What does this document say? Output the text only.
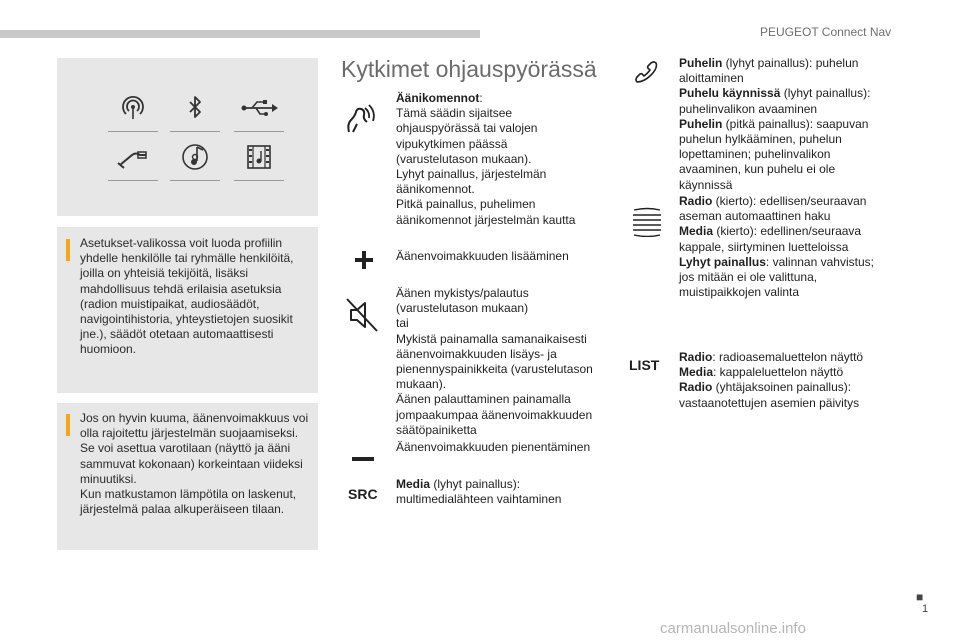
PEUGEOT Connect Nav
Asetukset-valikossa voit luoda profiilin yhdelle henkilölle tai ryhmälle henkilöitä, joilla on yhteisiä tekijöitä, lisäksi mahdollisuus tehdä erilaisia asetuksia (radion muistipaikat, audiosäädöt, navigointihistoria, yhteystietojen suosikit jne.), säädöt otetaan automaattisesti huomioon.
Jos on hyvin kuuma, äänenvoimakkuus voi olla rajoitettu järjestelmän suojaamiseksi. Se voi asettua varotilaan (näyttö ja ääni sammuvat kokonaan) korkeintaan viideksi minuutiksi.
Kun matkustamon lämpötila on laskenut, järjestelmä palaa alkuperäiseen tilaan.
Kytkimet ohjauspyörässä
Äänikomennot:
Tämä säädin sijaitsee ohjauspyörässä tai valojen vipukytkimen päässä (varustelutason mukaan).
Lyhyt painallus, järjestelmän äänikomennot.
Pitkä painallus, puhelimen äänikomennot järjestelmän kautta
Äänenvoimakkuuden lisääminen
Äänen mykistys/palautus (varustelutason mukaan)
tai
Mykistä painamalla samanaikaisesti äänenvoimakkuuden lisäys- ja pienennyspainikkeita (varustelutason mukaan).
Äänen palauttaminen painamalla jompaakumpaa äänenvoimakkuuden säätöpainiketta
Äänenvoimakkuuden pienentäminen
SRC
Media (lyhyt painallus): multimedialähteen vaihtaminen
Puhelin (lyhyt painallus): puhelun aloittaminen
Puhelu käynnissä (lyhyt painallus): puhelinvalikon avaaminen
Puhelin (pitkä painallus): saapuvan puhelun hylkääminen, puhelun lopettaminen; puhelinvalikon avaaminen, kun puhelu ei ole käynnissä
Radio (kierto): edellisen/seuraavan aseman automaattinen haku
Media (kierto): edellinen/seuraava kappale, siirtyminen luetteloissa
Lyhyt painallus: valinnan vahvistus; jos mitään ei ole valittuna, muistipaikkojen valinta
LIST Radio: radioasemaluettelon näyttö
Media: kappaleluettelon näyttö
Radio (yhtäjaksoinen painallus): vastaanotettujen asemien päivitys
■
1
carmanualsonline.info
